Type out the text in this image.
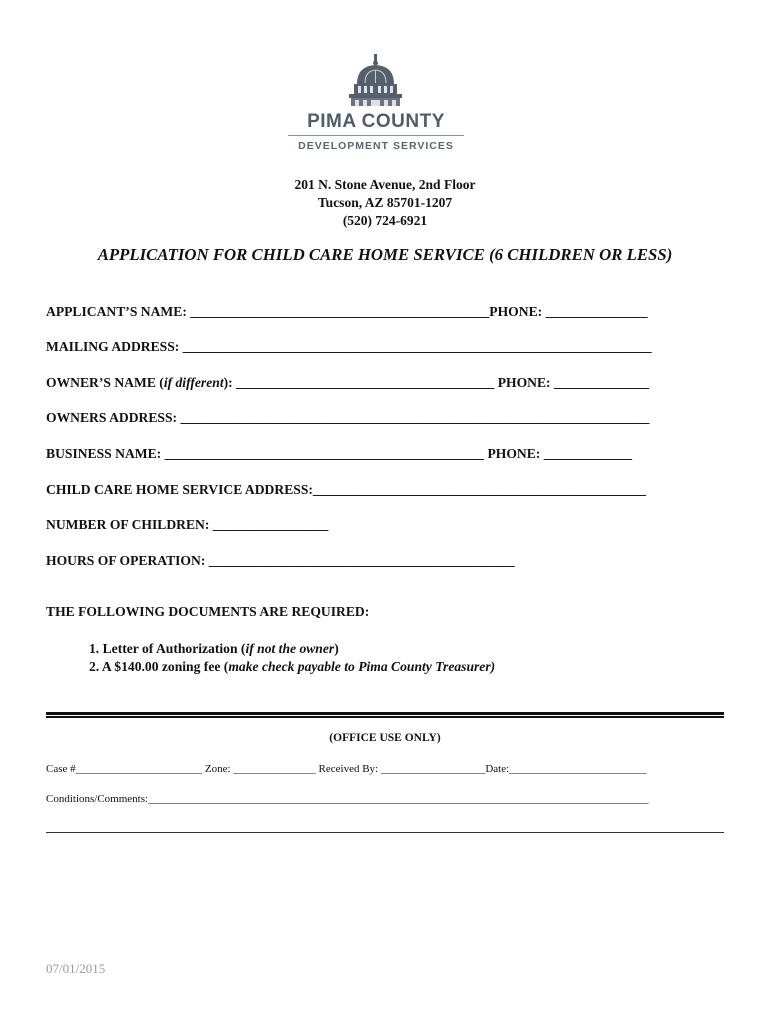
PIMA COUNTY
DEVELOPMENT SERVICES
201 N. Stone Avenue, 2nd Floor
Tucson, AZ 85701-1207
(520) 724-6921
APPLICATION FOR CHILD CARE HOME SERVICE (6 CHILDREN OR LESS)
APPLICANT’S NAME: ____________________________________________PHONE: _______________
MAILING ADDRESS: _____________________________________________________________________
OWNER’S NAME (if different): ______________________________________ PHONE: ______________
OWNERS ADDRESS: _____________________________________________________________________
BUSINESS NAME: _______________________________________________ PHONE: _____________
CHILD CARE HOME SERVICE ADDRESS:_________________________________________________
NUMBER OF CHILDREN: _________________
HOURS OF OPERATION: _____________________________________________
THE FOLLOWING DOCUMENTS ARE REQUIRED:
1. Letter of Authorization (if not the owner)
2. A $140.00 zoning fee (make check payable to Pima County Treasurer)
(OFFICE USE ONLY)
Case #_______________________ Zone: _______________ Received By: ___________________Date:_________________________
Conditions/Comments:___________________________________________________________________________________________
07/01/2015
